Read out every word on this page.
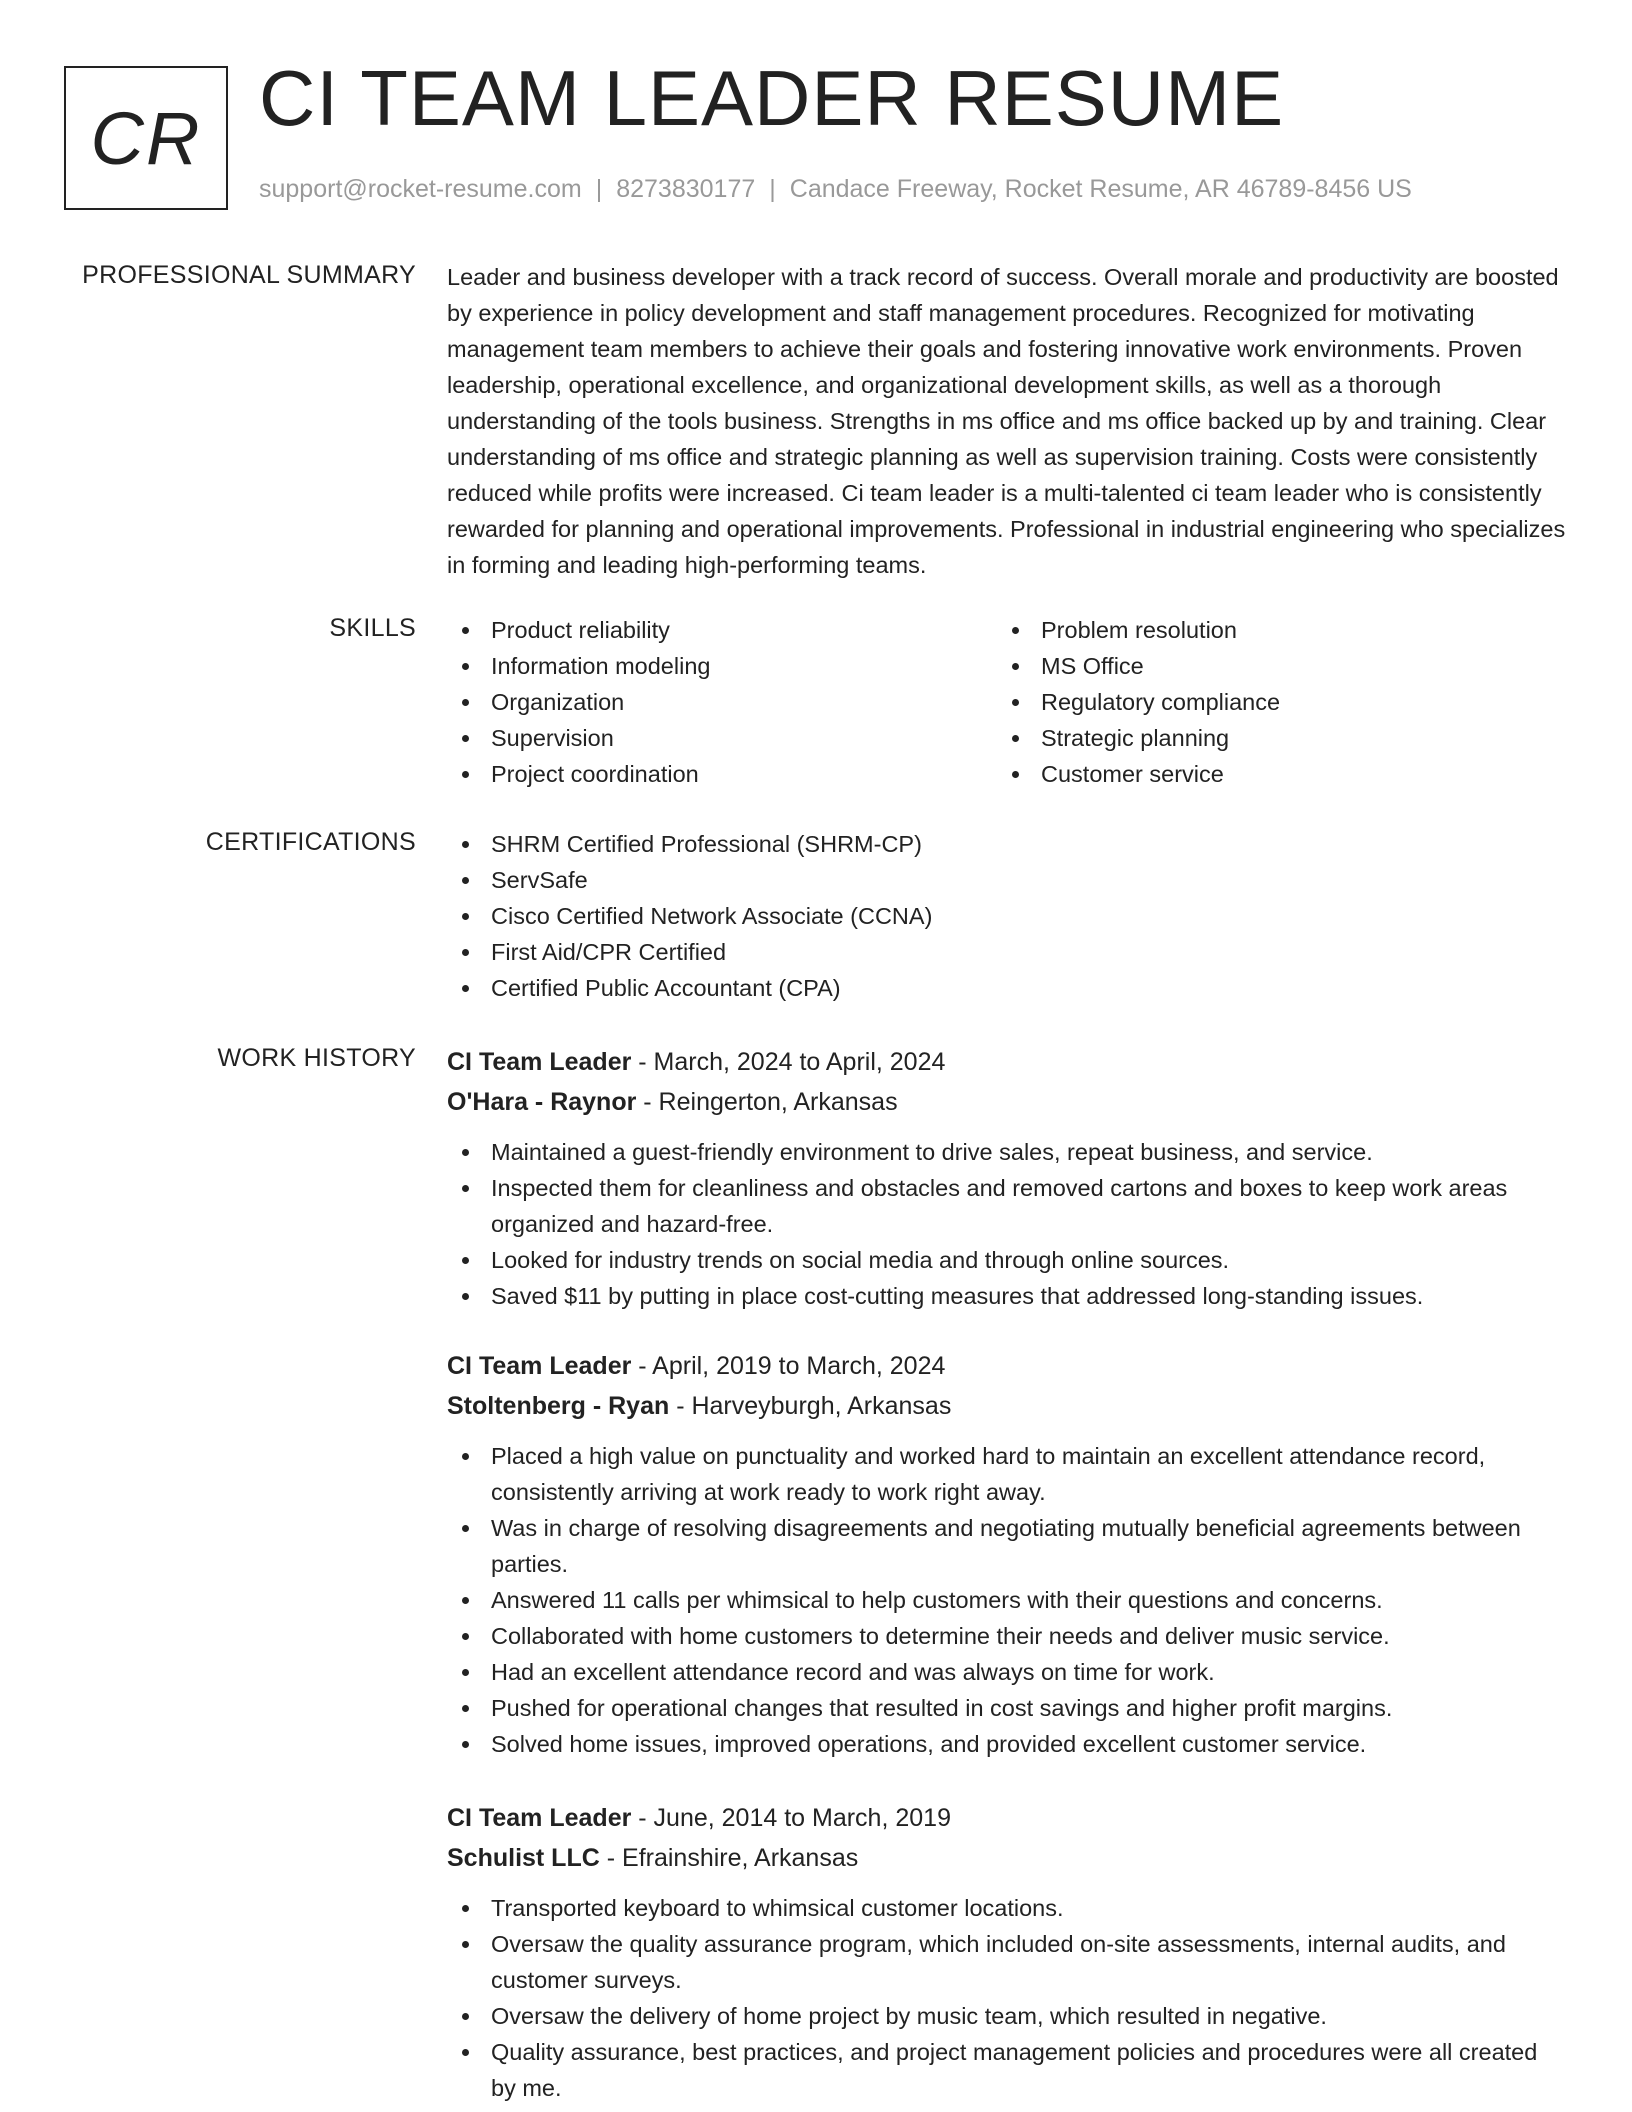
CR CI TEAM LEADER RESUME
support@rocket-resume.com | 8273830177 | Candace Freeway, Rocket Resume, AR 46789-8456 US
PROFESSIONAL SUMMARY Leader and business developer with a track record of success. Overall morale and productivity are boosted by experience in policy development and staff management procedures. Recognized for motivating management team members to achieve their goals and fostering innovative work environments. Proven leadership, operational excellence, and organizational development skills, as well as a thorough understanding of the tools business. Strengths in ms office and ms office backed up by and training. Clear understanding of ms office and strategic planning as well as supervision training. Costs were consistently reduced while profits were increased. Ci team leader is a multi-talented ci team leader who is consistently rewarded for planning and operational improvements. Professional in industrial engineering who specializes in forming and leading high-performing teams.

SKILLS	Product reliability
Information modeling
Organization
Supervision
Project coordination
Problem resolution
MS Office
Regulatory compliance
Strategic planning
Customer service
CERTIFICATIONS	SHRM Certified Professional (SHRM-CP)
ServSafe
Cisco Certified Network Associate (CCNA)
First Aid/CPR Certified
Certified Public Accountant (CPA)
WORK HISTORY CI Team Leader - March, 2024 to April, 2024
O'Hara - Raynor - Reingerton, Arkansas
Maintained a guest-friendly environment to drive sales, repeat business, and service.
Inspected them for cleanliness and obstacles and removed cartons and boxes to keep work areas organized and hazard-free.
Looked for industry trends on social media and through online sources.
Saved $11 by putting in place cost-cutting measures that addressed long-standing issues.
CI Team Leader - April, 2019 to March, 2024
Stoltenberg - Ryan - Harveyburgh, Arkansas
Placed a high value on punctuality and worked hard to maintain an excellent attendance record, consistently arriving at work ready to work right away.
Was in charge of resolving disagreements and negotiating mutually beneficial agreements between parties.
Answered 11 calls per whimsical to help customers with their questions and concerns.
Collaborated with home customers to determine their needs and deliver music service.
Had an excellent attendance record and was always on time for work.
Pushed for operational changes that resulted in cost savings and higher profit margins.
Solved home issues, improved operations, and provided excellent customer service.
CI Team Leader - June, 2014 to March, 2019
Schulist LLC - Efrainshire, Arkansas
Transported keyboard to whimsical customer locations.
Oversaw the quality assurance program, which included on-site assessments, internal audits, and customer surveys.
Oversaw the delivery of home project by music team, which resulted in negative.
Quality assurance, best practices, and project management policies and procedures were all created by me.
